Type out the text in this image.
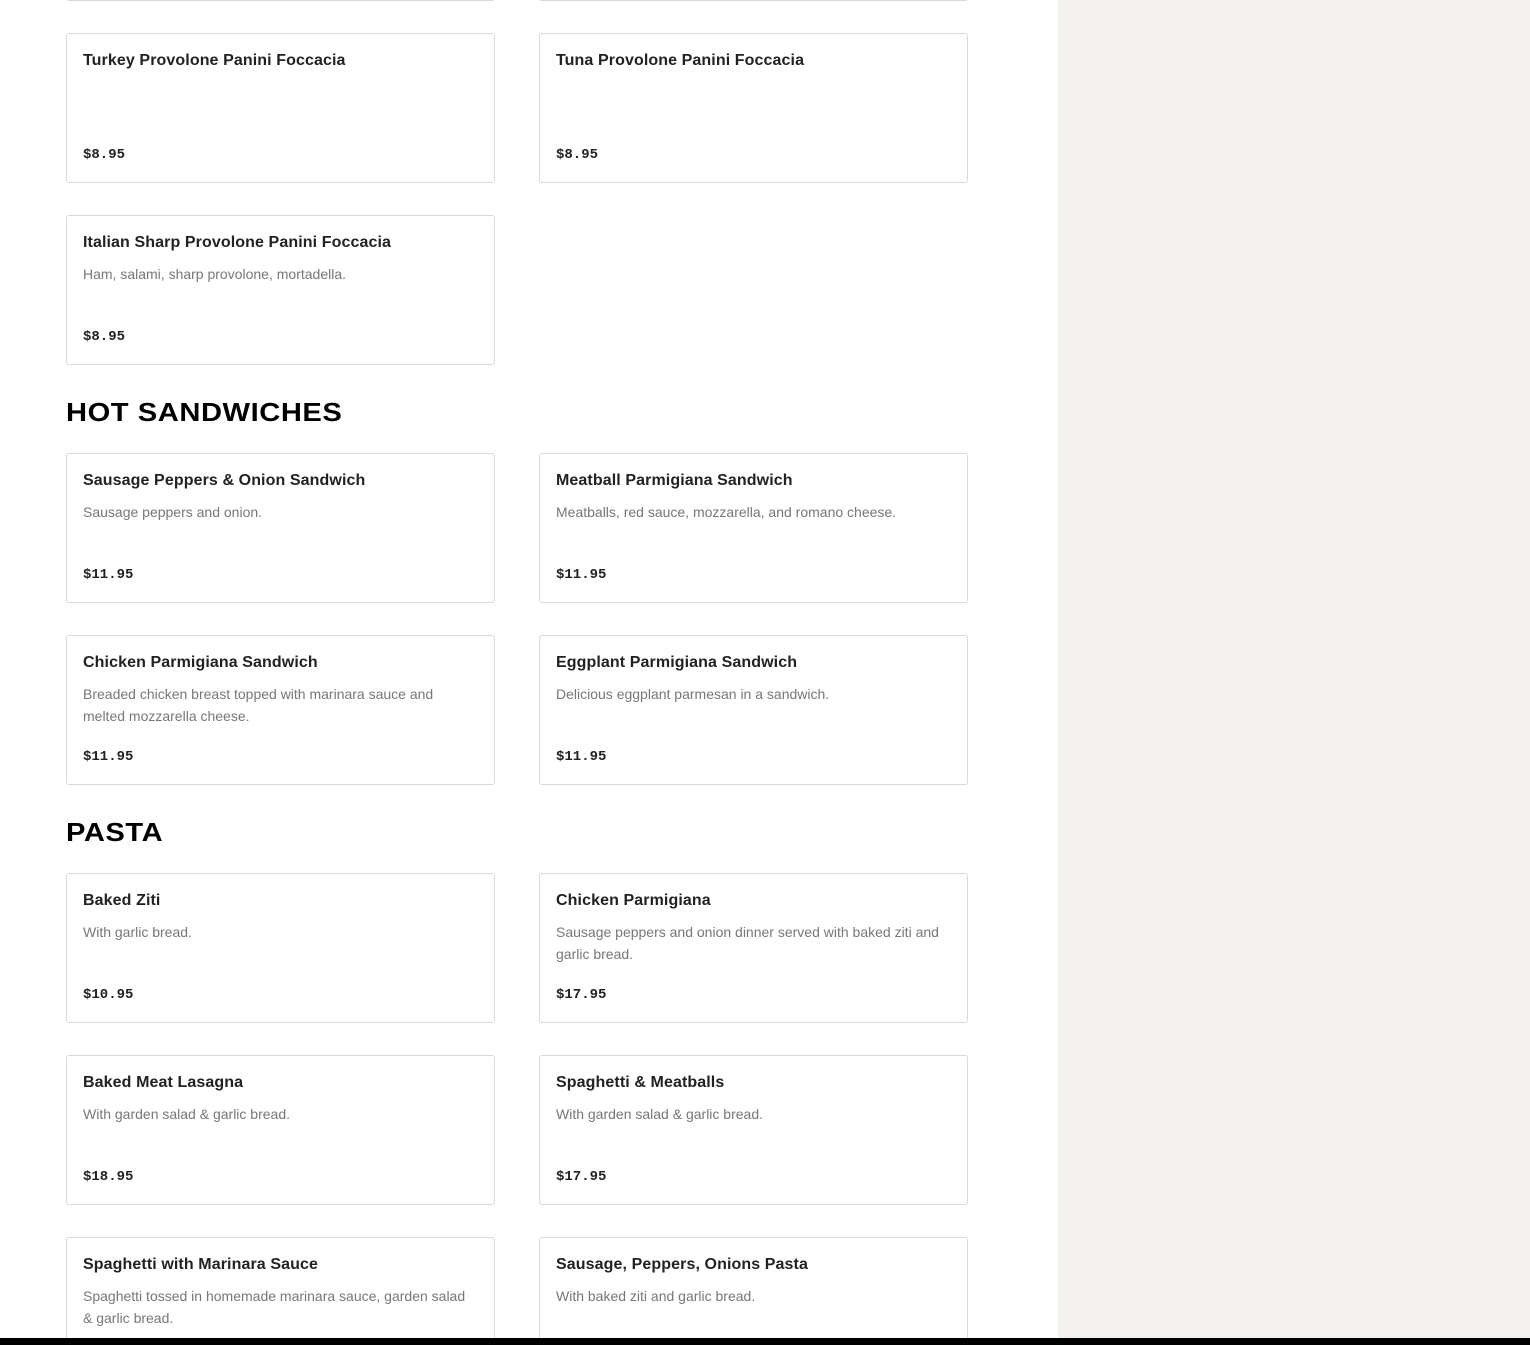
Turkey Provolone Panini Foccacia
$8.95
Tuna Provolone Panini Foccacia
$8.95
Italian Sharp Provolone Panini Foccacia
Ham, salami, sharp provolone, mortadella.
$8.95
HOT SANDWICHES
Sausage Peppers & Onion Sandwich
Sausage peppers and onion.
$11.95
Meatball Parmigiana Sandwich
Meatballs, red sauce, mozzarella, and romano cheese.
$11.95
Chicken Parmigiana Sandwich
Breaded chicken breast topped with marinara sauce and melted mozzarella cheese.
$11.95
Eggplant Parmigiana Sandwich
Delicious eggplant parmesan in a sandwich.
$11.95
PASTA
Baked Ziti
With garlic bread.
$10.95
Chicken Parmigiana
Sausage peppers and onion dinner served with baked ziti and garlic bread.
$17.95
Baked Meat Lasagna
With garden salad & garlic bread.
$18.95
Spaghetti & Meatballs
With garden salad & garlic bread.
$17.95
Spaghetti with Marinara Sauce
Spaghetti tossed in homemade marinara sauce, garden salad & garlic bread.
Sausage, Peppers, Onions Pasta
With baked ziti and garlic bread.
